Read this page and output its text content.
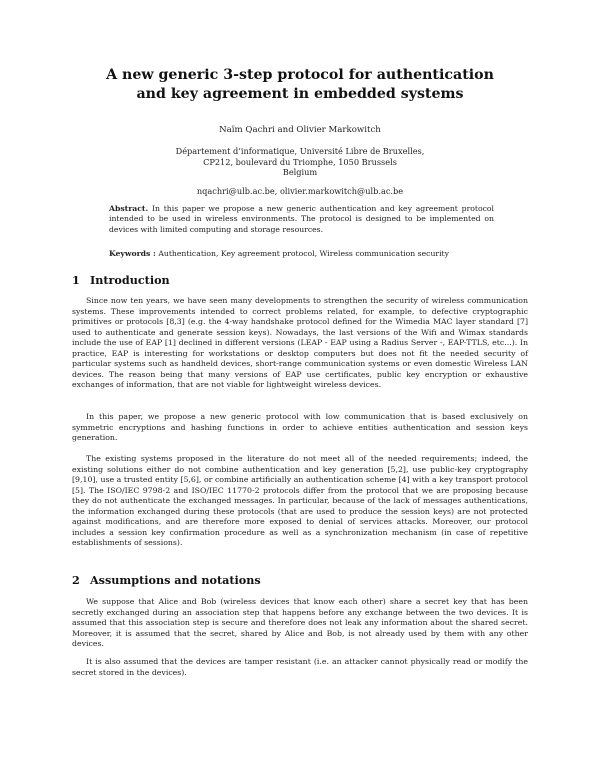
A new generic 3-step protocol for authentication and key agreement in embedded systems
Naïm Qachri and Olivier Markowitch
Département d’informatique, Université Libre de Bruxelles,
CP212, boulevard du Triomphe, 1050 Brussels
Belgium
nqachri@ulb.ac.be, olivier.markowitch@ulb.ac.be
Abstract. In this paper we propose a new generic authentication and key agreement protocol intended to be used in wireless environments. The protocol is designed to be implemented on devices with limited computing and storage resources.
Keywords : Authentication, Key agreement protocol, Wireless communication security
1 Introduction
Since now ten years, we have seen many developments to strengthen the security of wireless communication systems. These improvements intended to correct problems related, for example, to defective cryptographic primitives or protocols [8,3] (e.g. the 4-way handshake protocol defined for the Wimedia MAC layer standard [7] used to authenticate and generate session keys). Nowadays, the last versions of the Wifi and Wimax standards include the use of EAP [1] declined in different versions (LEAP - EAP using a Radius Server -, EAP-TTLS, etc...). In practice, EAP is interesting for workstations or desktop computers but does not fit the needed security of particular systems such as handheld devices, short-range communication systems or even domestic Wireless LAN devices. The reason being that many versions of EAP use certificates, public key encryption or exhaustive exchanges of information, that are not viable for lightweight wireless devices.
In this paper, we propose a new generic protocol with low communication that is based exclusively on symmetric encryptions and hashing functions in order to achieve entities authentication and session keys generation.
The existing systems proposed in the literature do not meet all of the needed requirements; indeed, the existing solutions either do not combine authentication and key generation [5,2], use public-key cryptography [9,10], use a trusted entity [5,6], or combine artificially an authentication scheme [4] with a key transport protocol [5]. The ISO/IEC 9798-2 and ISO/IEC 11770-2 protocols differ from the protocol that we are proposing because they do not authenticate the exchanged messages. In particular, because of the lack of messages authentications, the information exchanged during these protocols (that are used to produce the session keys) are not protected against modifications, and are therefore more exposed to denial of services attacks. Moreover, our protocol includes a session key confirmation procedure as well as a synchronization mechanism (in case of repetitive establishments of sessions).
2 Assumptions and notations
We suppose that Alice and Bob (wireless devices that know each other) share a secret key that has been secretly exchanged during an association step that happens before any exchange between the two devices. It is assumed that this association step is secure and therefore does not leak any information about the shared secret. Moreover, it is assumed that the secret, shared by Alice and Bob, is not already used by them with any other devices.
It is also assumed that the devices are tamper resistant (i.e. an attacker cannot physically read or modify the secret stored in the devices).
